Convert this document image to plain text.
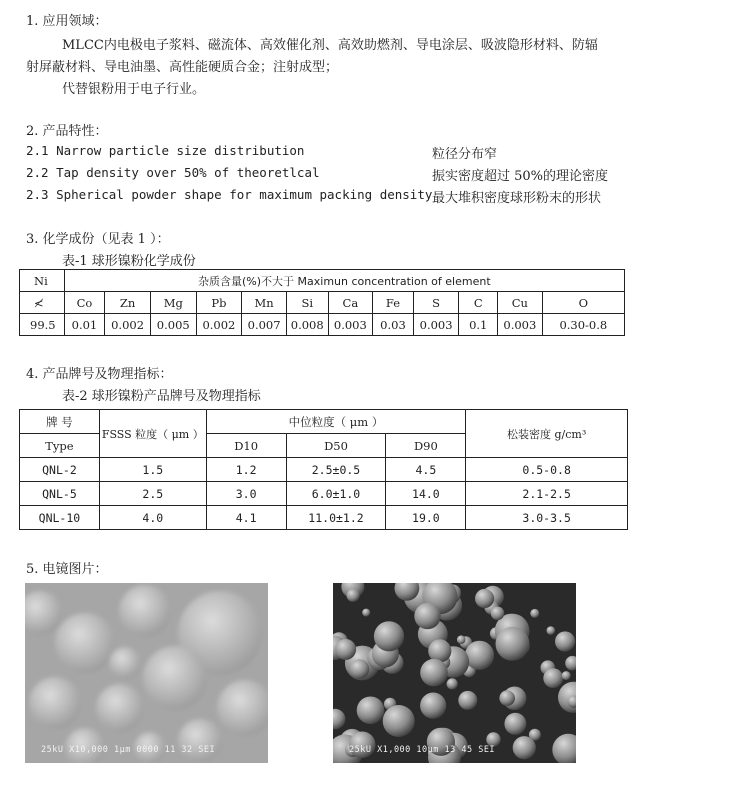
1. 应用领域：
MLCC内电极电子浆料、磁流体、高效催化剂、高效助燃剂、导电涂层、吸波隐形材料、防辐
射屏蔽材料、导电油墨、高性能硬质合金；注射成型；
代替银粉用于电子行业。
2. 产品特性：
2.1 Narrow particle size distribution	粒径分布窄
2.2 Tap density over 50% of theoretlcal	振实密度超过 50%的理论密度
2.3 Spherical powder shape for maximum packing density 最大堆积密度球形粉末的形状
3. 化学成份（见表 1 ）：
表-1 球形镍粉化学成份
Ni	杂质含量(%)不大于 Maximun concentration of element											
≮	Co	Zn	Mg	Pb	Mn	Si	Ca	Fe	S	C	Cu	O
99.5	0.01	0.002	0.005	0.002	0.007	0.008	0.003	0.03	0.003	0.1	0.003	0.30-0.8
4. 产品牌号及物理指标：
表-2 球形镍粉产品牌号及物理指标
牌 号	FSSS 粒度（ μm ）	中位粒度（ μm ）			松装密度 g/cm³
Type		D10	D50	D90	
QNL-2	1.5	1.2	2.5±0.5	4.5	0.5-0.8
QNL-5	2.5	3.0	6.0±1.0	14.0	2.1-2.5
QNL-10	4.0	4.1	11.0±1.2	19.0	3.0-3.5
5. 电镜图片：
25kU X10,000 1μm 0000 11 32 SEI	25kU X1,000 10μm 13 45 SEI
